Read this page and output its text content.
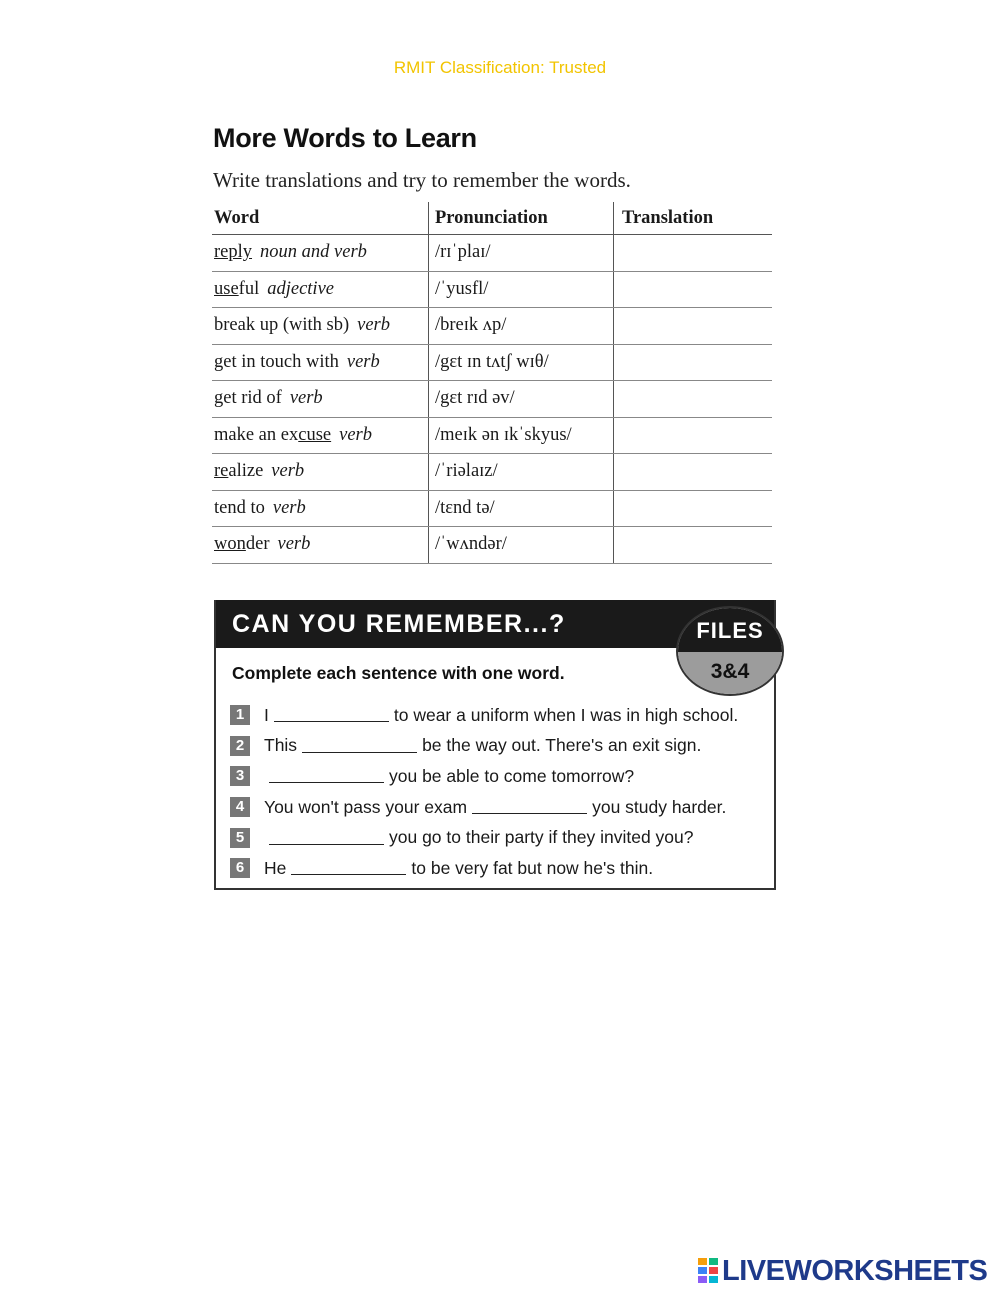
RMIT Classification: Trusted
More Words to Learn
Write translations and try to remember the words.
Word	Pronunciation	Translation
reply noun and verb	/rɪˈplaɪ/	
useful adjective	/ˈyusfl/	
break up (with sb) verb	/breɪk ʌp/	
get in touch with verb	/gɛt ɪn tʌtʃ wɪθ/	
get rid of verb	/gɛt rɪd əv/	
make an excuse verb	/meɪk ən ɪkˈskyus/	
realize verb	/ˈriəlaɪz/	
tend to verb	/tɛnd tə/	
wonder verb	/ˈwʌndər/	
CAN YOU REMEMBER...?
Complete each sentence with one word.
1	I	to wear a uniform when I was in high school.
2	This	be the way out. There's an exit sign.
3	you be able to come tomorrow?
4	You won't pass your exam	you study harder.
5	you go to their party if they invited you?
6	He	to be very fat but now he's thin.
FILES
3&4
LIVEWORKSHEETS
